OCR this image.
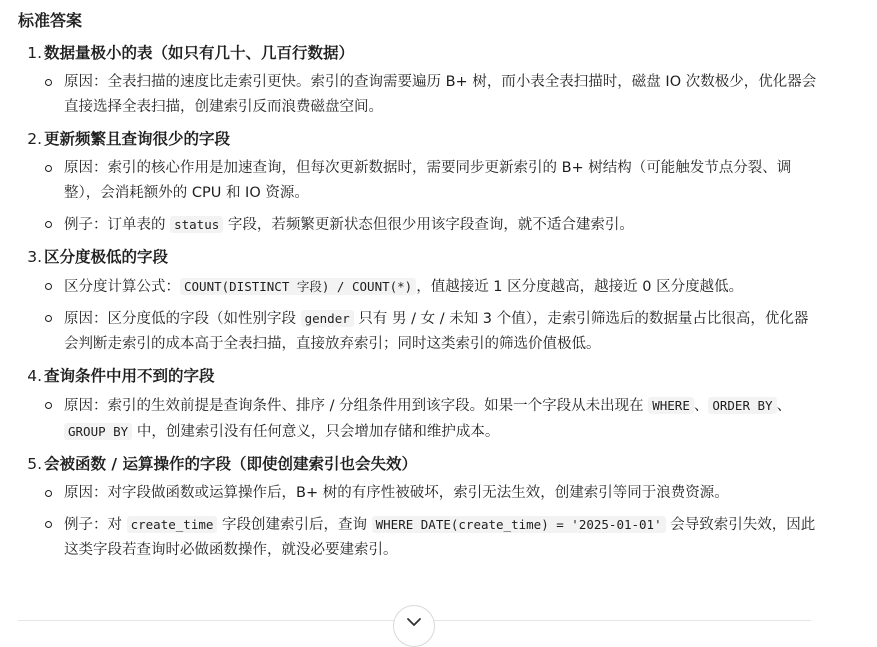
标准答案
1. 数据量极小的表（如只有几十、几百行数据）
原因：全表扫描的速度比走索引更快。索引的查询需要遍历 B+ 树，而小表全表扫描时，磁盘 IO 次数极少，优化器会直接选择全表扫描，创建索引反而浪费磁盘空间。
2. 更新频繁且查询很少的字段
原因：索引的核心作用是加速查询，但每次更新数据时，需要同步更新索引的 B+ 树结构（可能触发节点分裂、调整），会消耗额外的 CPU 和 IO 资源。
例子：订单表的 status 字段，若频繁更新状态但很少用该字段查询，就不适合建索引。
3. 区分度极低的字段
区分度计算公式： COUNT(DISTINCT 字段) / COUNT(*) ，值越接近 1 区分度越高，越接近 0 区分度越低。
原因：区分度低的字段（如性别字段 gender 只有 男 / 女 / 未知 3 个值），走索引筛选后的数据量占比很高，优化器会判断走索引的成本高于全表扫描，直接放弃索引；同时这类索引的筛选价值极低。
4. 查询条件中用不到的字段
原因：索引的生效前提是查询条件、排序 / 分组条件用到该字段。如果一个字段从未出现在 WHERE 、 ORDER BY 、GROUP BY 中，创建索引没有任何意义，只会增加存储和维护成本。
5. 会被函数 / 运算操作的字段（即使创建索引也会失效）
原因：对字段做函数或运算操作后，B+ 树的有序性被破坏，索引无法生效，创建索引等同于浪费资源。
例子：对 create_time 字段创建索引后，查询 WHERE DATE(create_time) = '2025-01-01' 会导致索引失效，因此这类字段若查询时必做函数操作，就没必要建索引。
